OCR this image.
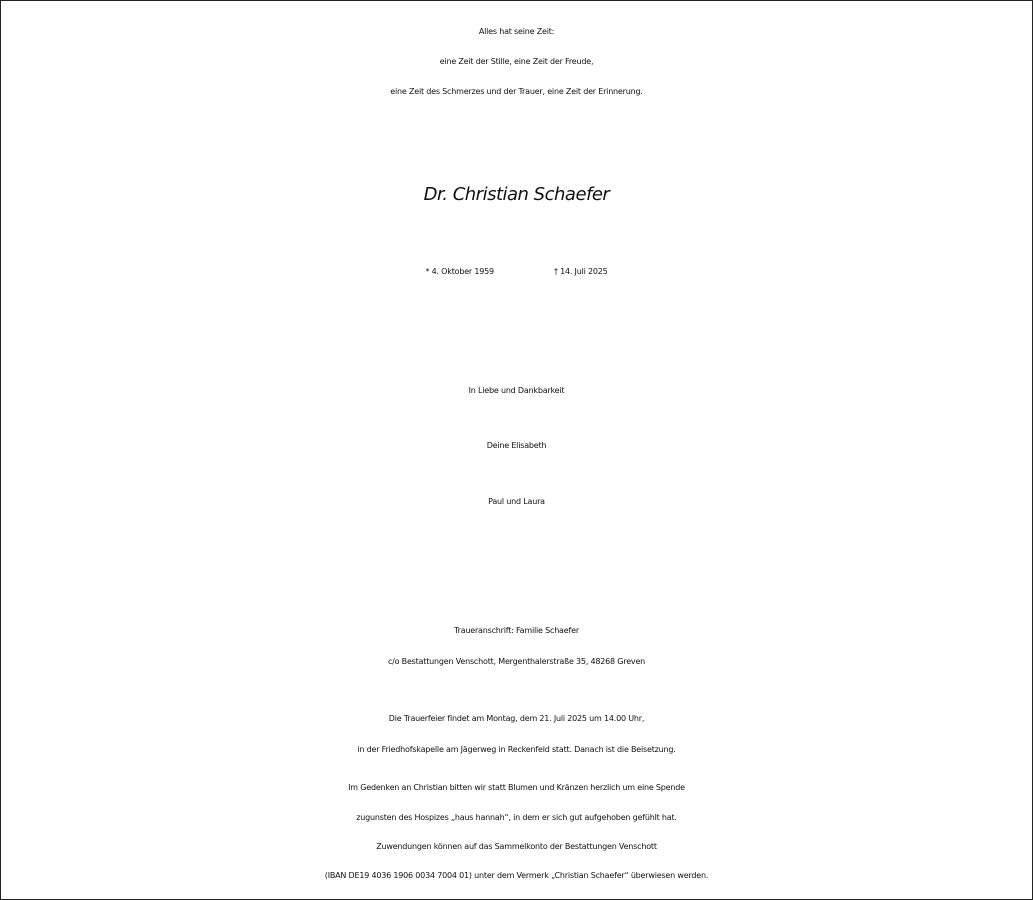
Alles hat seine Zeit:
eine Zeit der Stille, eine Zeit der Freude,
eine Zeit des Schmerzes und der Trauer, eine Zeit der Erinnerung.
Dr. Christian Schaefer
* 4. Oktober 1959	† 14. Juli 2025
In Liebe und Dankbarkeit
Deine Elisabeth
Paul und Laura
Traueranschrift: Familie Schaefer
c/o Bestattungen Venschott, Mergenthalerstraße 35, 48268 Greven
Die Trauerfeier findet am Montag, dem 21. Juli 2025 um 14.00 Uhr,
in der Friedhofskapelle am Jägerweg in Reckenfeld statt. Danach ist die Beisetzung.
Im Gedenken an Christian bitten wir statt Blumen und Kränzen herzlich um eine Spende
zugunsten des Hospizes „haus hannah“, in dem er sich gut aufgehoben gefühlt hat.
Zuwendungen können auf das Sammelkonto der Bestattungen Venschott
(IBAN DE19 4036 1906 0034 7004 01) unter dem Vermerk „Christian Schaefer“ überwiesen werden.
